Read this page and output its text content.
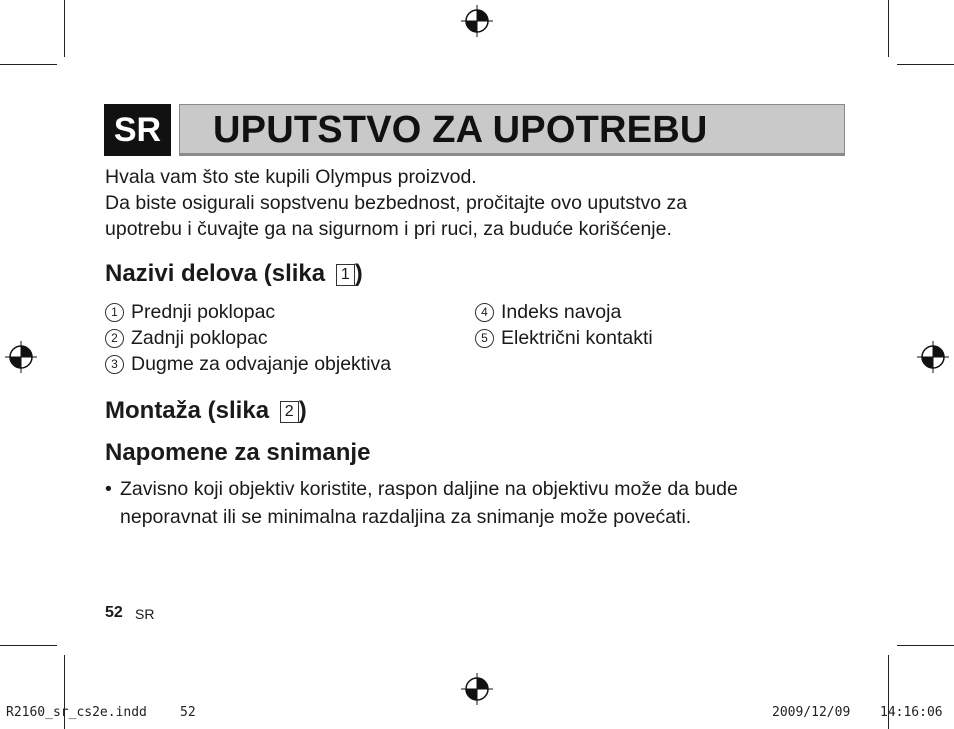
SR UPUTSTVO ZA UPOTREBU
Hvala vam što ste kupili Olympus proizvod.
Da biste osigurali sopstvenu bezbednost, pročitajte ovo uputstvo za
upotrebu i čuvajte ga na sigurnom i pri ruci, za buduće korišćenje.
Nazivi delova (slika 1 )
1 Prednji poklopac
2 Zadnji poklopac
3 Dugme za odvajanje objektiva
4 Indeks navoja
5 Električni kontakti
Montaža (slika 2 )
Napomene za snimanje
• Zavisno koji objektiv koristite, raspon daljine na objektivu može da bude neporavnat ili se minimalna razdaljina za snimanje može povećati.
52 SR
R2160_sr_cs2e.indd	52	2009/12/09 14:16:06
